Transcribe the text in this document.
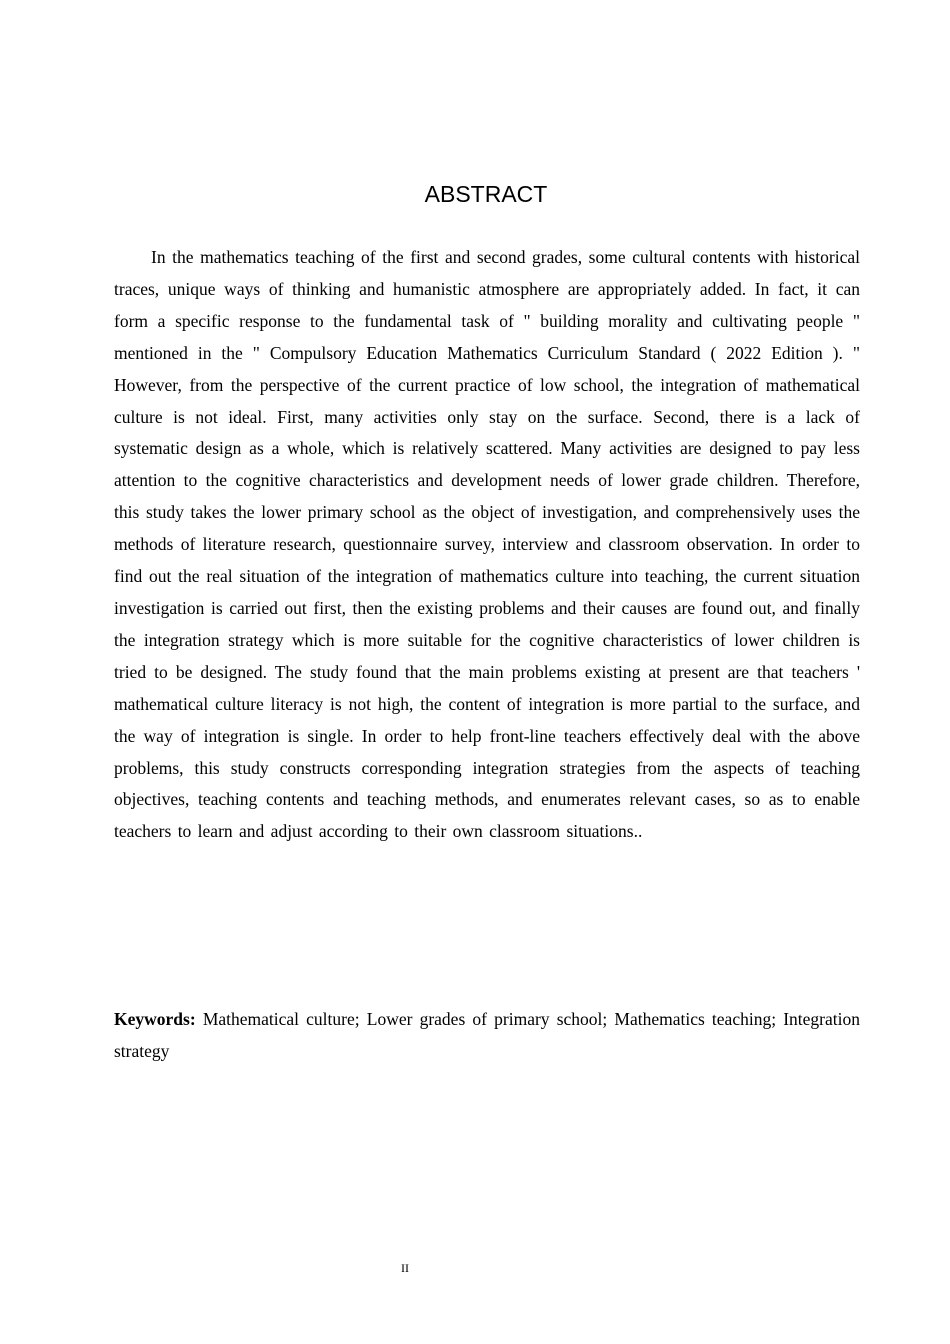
ABSTRACT

In the mathematics teaching of the first and second grades, some cultural contents with historical traces, unique ways of thinking and humanistic atmosphere are appropriately added. In fact, it can form a specific response to the fundamental task of " building morality and cultivating people " mentioned in the " Compulsory Education Mathematics Curriculum Standard ( 2022 Edition ). " However, from the perspective of the current practice of low school, the integration of mathematical culture is not ideal. First, many activities only stay on the surface. Second, there is a lack of systematic design as a whole, which is relatively scattered. Many activities are designed to pay less attention to the cognitive characteristics and development needs of lower grade children. Therefore, this study takes the lower primary school as the object of investigation, and comprehensively uses the methods of literature research, questionnaire survey, interview and classroom observation. In order to find out the real situation of the integration of mathematics culture into teaching, the current situation investigation is carried out first, then the existing problems and their causes are found out, and finally the integration strategy which is more suitable for the cognitive characteristics of lower children is tried to be designed. The study found that the main problems existing at present are that teachers ' mathematical culture literacy is not high, the content of integration is more partial to the surface, and the way of integration is single. In order to help front-line teachers effectively deal with the above problems, this study constructs corresponding integration strategies from the aspects of teaching objectives, teaching contents and teaching methods, and enumerates relevant cases, so as to enable teachers to learn and adjust according to their own classroom situations..

Keywords: Mathematical culture; Lower grades of primary school; Mathematics teaching; Integration strategy

II
